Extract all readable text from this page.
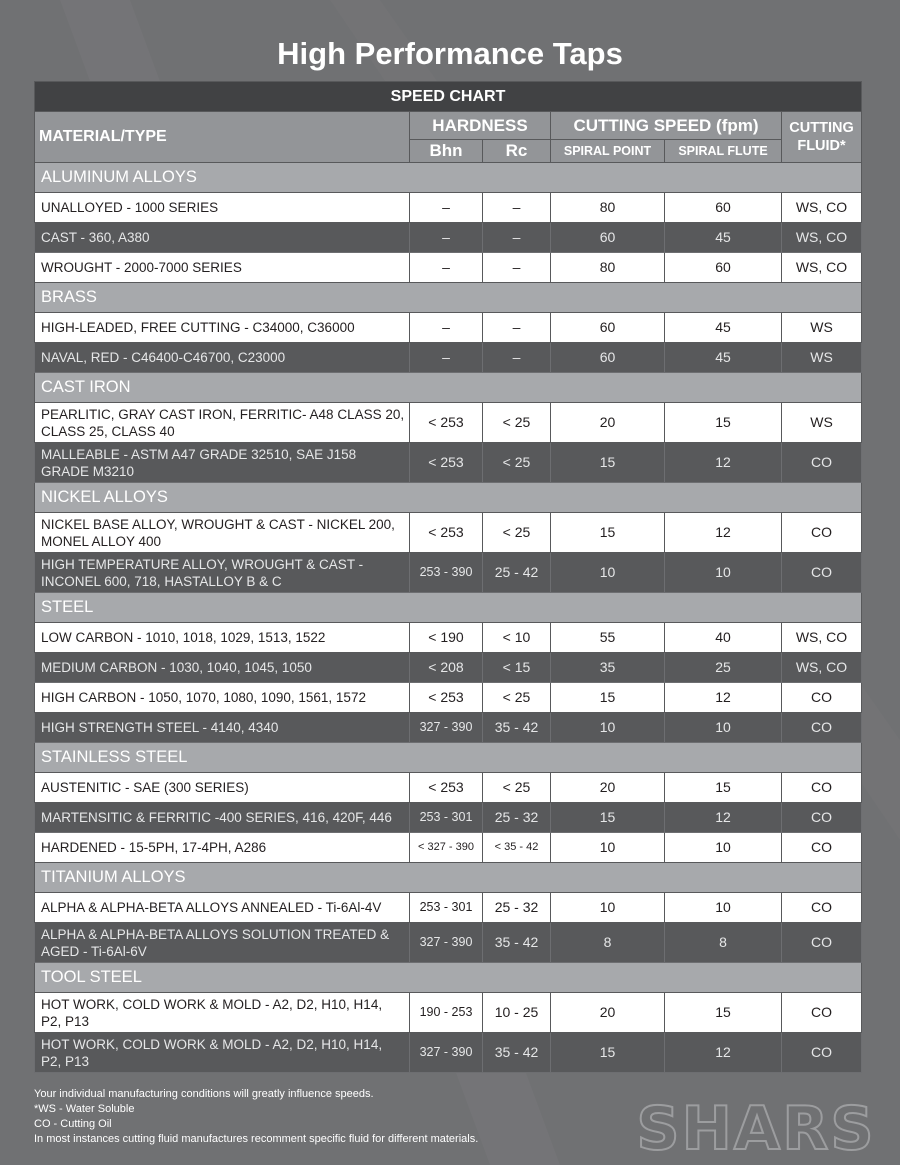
High Performance Taps
SPEED CHART					
MATERIAL/TYPE	HARDNESS		CUTTING SPEED (fpm)		CUTTING
FLUID*
	Bhn	Rc	SPIRAL POINT	SPIRAL FLUTE	
ALUMINUM ALLOYS					
UNALLOYED - 1000 SERIES	–	–	80	60	WS, CO
CAST - 360, A380	–	–	60	45	WS, CO
WROUGHT - 2000-7000 SERIES	–	–	80	60	WS, CO
BRASS					
HIGH-LEADED, FREE CUTTING - C34000, C36000	–	–	60	45	WS
NAVAL, RED - C46400-C46700, C23000	–	–	60	45	WS
CAST IRON					
PEARLITIC, GRAY CAST IRON, FERRITIC- A48 CLASS 20, CLASS 25, CLASS 40	< 253	< 25	20	15	WS
MALLEABLE - ASTM A47 GRADE 32510, SAE J158 GRADE M3210	< 253	< 25	15	12	CO
NICKEL ALLOYS					
NICKEL BASE ALLOY, WROUGHT & CAST - NICKEL 200, MONEL ALLOY 400	< 253	< 25	15	12	CO
HIGH TEMPERATURE ALLOY, WROUGHT & CAST - INCONEL 600, 718, HASTALLOY B & C	253 - 390	25 - 42	10	10	CO
STEEL					
LOW CARBON - 1010, 1018, 1029, 1513, 1522	< 190	< 10	55	40	WS, CO
MEDIUM CARBON - 1030, 1040, 1045, 1050	< 208	< 15	35	25	WS, CO
HIGH CARBON - 1050, 1070, 1080, 1090, 1561, 1572	< 253	< 25	15	12	CO
HIGH STRENGTH STEEL - 4140, 4340	327 - 390	35 - 42	10	10	CO
STAINLESS STEEL					
AUSTENITIC - SAE (300 SERIES)	< 253	< 25	20	15	CO
MARTENSITIC & FERRITIC -400 SERIES, 416, 420F, 446	253 - 301	25 - 32	15	12	CO
HARDENED - 15-5PH, 17-4PH, A286	< 327 - 390	< 35 - 42	10	10	CO
TITANIUM ALLOYS					
ALPHA & ALPHA-BETA ALLOYS ANNEALED - Ti-6Al-4V	253 - 301	25 - 32	10	10	CO
ALPHA & ALPHA-BETA ALLOYS SOLUTION TREATED & AGED - Ti-6Al-6V	327 - 390	35 - 42	8	8	CO
TOOL STEEL					
HOT WORK, COLD WORK & MOLD - A2, D2, H10, H14, P2, P13	190 - 253	10 - 25	20	15	CO
HOT WORK, COLD WORK & MOLD - A2, D2, H10, H14, P2, P13	327 - 390	35 - 42	15	12	CO
Your individual manufacturing conditions will greatly influence speeds.
*WS - Water Soluble
CO - Cutting Oil
In most instances cutting fluid manufactures recomment specific fluid for different materials.	SHARS
